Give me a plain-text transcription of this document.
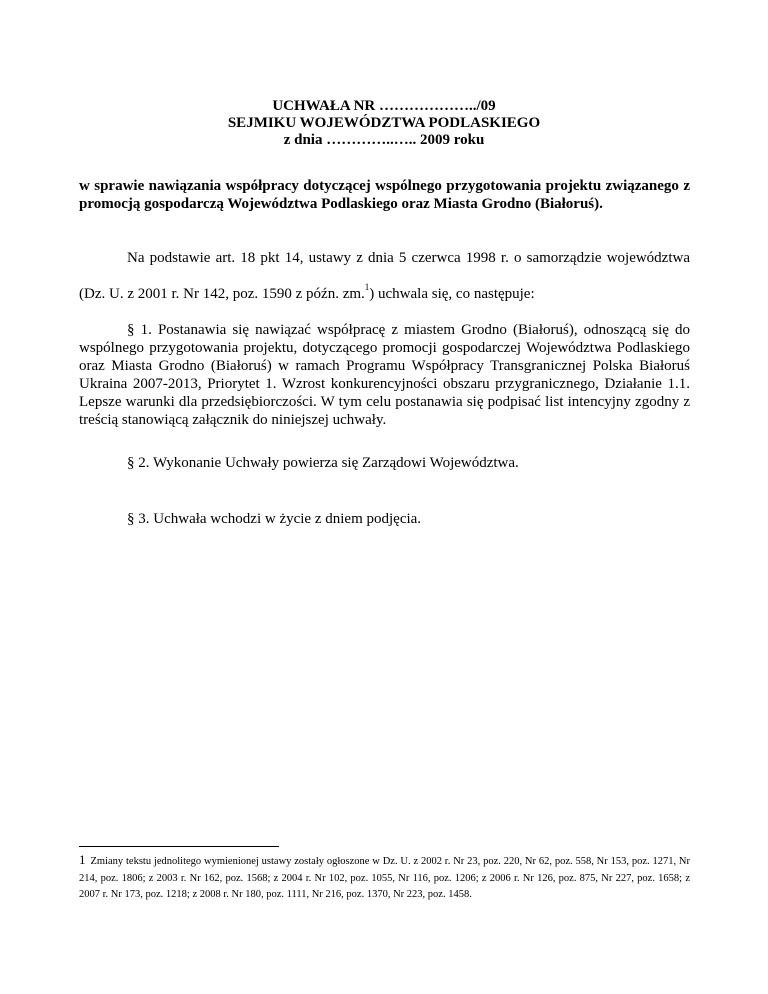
UCHWAŁA NR ………………../09
SEJMIKU WOJEWÓDZTWA PODLASKIEGO
z dnia …………..….. 2009 roku
w sprawie nawiązania współpracy dotyczącej wspólnego przygotowania projektu związanego z promocją gospodarczą Województwa Podlaskiego oraz Miasta Grodno (Białoruś).
Na podstawie art. 18 pkt 14, ustawy z dnia 5 czerwca 1998 r. o samorządzie województwa (Dz. U. z 2001 r. Nr 142, poz. 1590 z późn. zm.$^1$) uchwala się, co następuje:
§ 1. Postanawia się nawiązać współpracę z miastem Grodno (Białoruś), odnoszącą się do wspólnego przygotowania projektu, dotyczącego promocji gospodarczej Województwa Podlaskiego oraz Miasta Grodno (Białoruś) w ramach Programu Współpracy Transgranicznej Polska Białoruś Ukraina 2007-2013, Priorytet 1. Wzrost konkurencyjności obszaru przygranicznego, Działanie 1.1. Lepsze warunki dla przedsiębiorczości. W tym celu postanawia się podpisać list intencyjny zgodny z treścią stanowiącą załącznik do niniejszej uchwały.
§ 2. Wykonanie Uchwały powierza się Zarządowi Województwa.
§ 3. Uchwała wchodzi w życie z dniem podjęcia.
1 Zmiany tekstu jednolitego wymienionej ustawy zostały ogłoszone w Dz. U. z 2002 r. Nr 23, poz. 220, Nr 62, poz. 558, Nr 153, poz. 1271, Nr 214, poz. 1806; z 2003 r. Nr 162, poz. 1568; z 2004 r. Nr 102, poz. 1055, Nr 116, poz. 1206; z 2006 r. Nr 126, poz. 875, Nr 227, poz. 1658; z 2007 r. Nr 173, poz. 1218; z 2008 r. Nr 180, poz. 1111, Nr 216, poz. 1370, Nr 223, poz. 1458.
